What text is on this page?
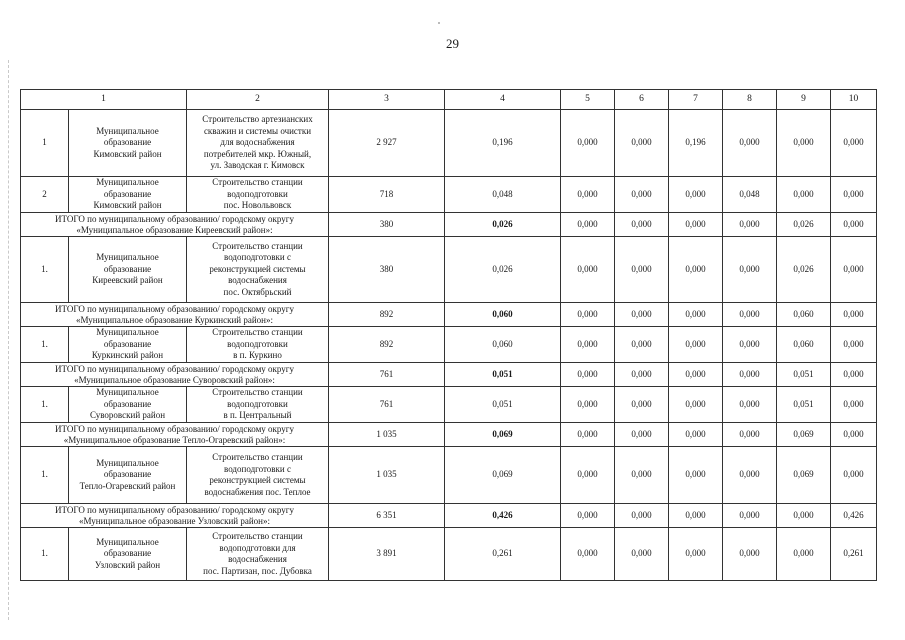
29
1		2	3	4	5	6	7	8	9	10
1	Муниципальное
образование
Кимовский район	Строительство артезианских
скважин и системы очистки
для водоснабжения
потребителей мкр. Южный,
ул. Заводская г. Кимовск	2 927	0,196	0,000	0,000	0,196	0,000	0,000	0,000
2	Муниципальное
образование
Кимовский район	Строительство станции
водоподготовки
пос. Новольвовск	718	0,048	0,000	0,000	0,000	0,048	0,000	0,000
ИТОГО по муниципальному образованию/ городскому округу
«Муниципальное образование Киреевский район»:			380	0,026	0,000	0,000	0,000	0,000	0,026	0,000
1.	Муниципальное
образование
Киреевский район	Строительство станции
водоподготовки с
реконструкцией системы
водоснабжения
пос. Октябрьский	380	0,026	0,000	0,000	0,000	0,000	0,026	0,000
ИТОГО по муниципальному образованию/ городскому округу
«Муниципальное образование Куркинский район»:			892	0,060	0,000	0,000	0,000	0,000	0,060	0,000
1.	Муниципальное
образование
Куркинский район	Строительство станции
водоподготовки
в п. Куркино	892	0,060	0,000	0,000	0,000	0,000	0,060	0,000
ИТОГО по муниципальному образованию/ городскому округу
«Муниципальное образование Суворовский район»:			761	0,051	0,000	0,000	0,000	0,000	0,051	0,000
1.	Муниципальное
образование
Суворовский район	Строительство станции
водоподготовки
в п. Центральный	761	0,051	0,000	0,000	0,000	0,000	0,051	0,000
ИТОГО по муниципальному образованию/ городскому округу
«Муниципальное образование Тепло-Огаревский район»:			1 035	0,069	0,000	0,000	0,000	0,000	0,069	0,000
1.	Муниципальное
образование
Тепло-Огаревский район	Строительство станции
водоподготовки с
реконструкцией системы
водоснабжения пос. Теплое	1 035	0,069	0,000	0,000	0,000	0,000	0,069	0,000
ИТОГО по муниципальному образованию/ городскому округу
«Муниципальное образование Узловский район»:			6 351	0,426	0,000	0,000	0,000	0,000	0,000	0,426
1.	Муниципальное
образование
Узловский район	Строительство станции
водоподготовки для
водоснабжения
пос. Партизан, пос. Дубовка	3 891	0,261	0,000	0,000	0,000	0,000	0,000	0,261
